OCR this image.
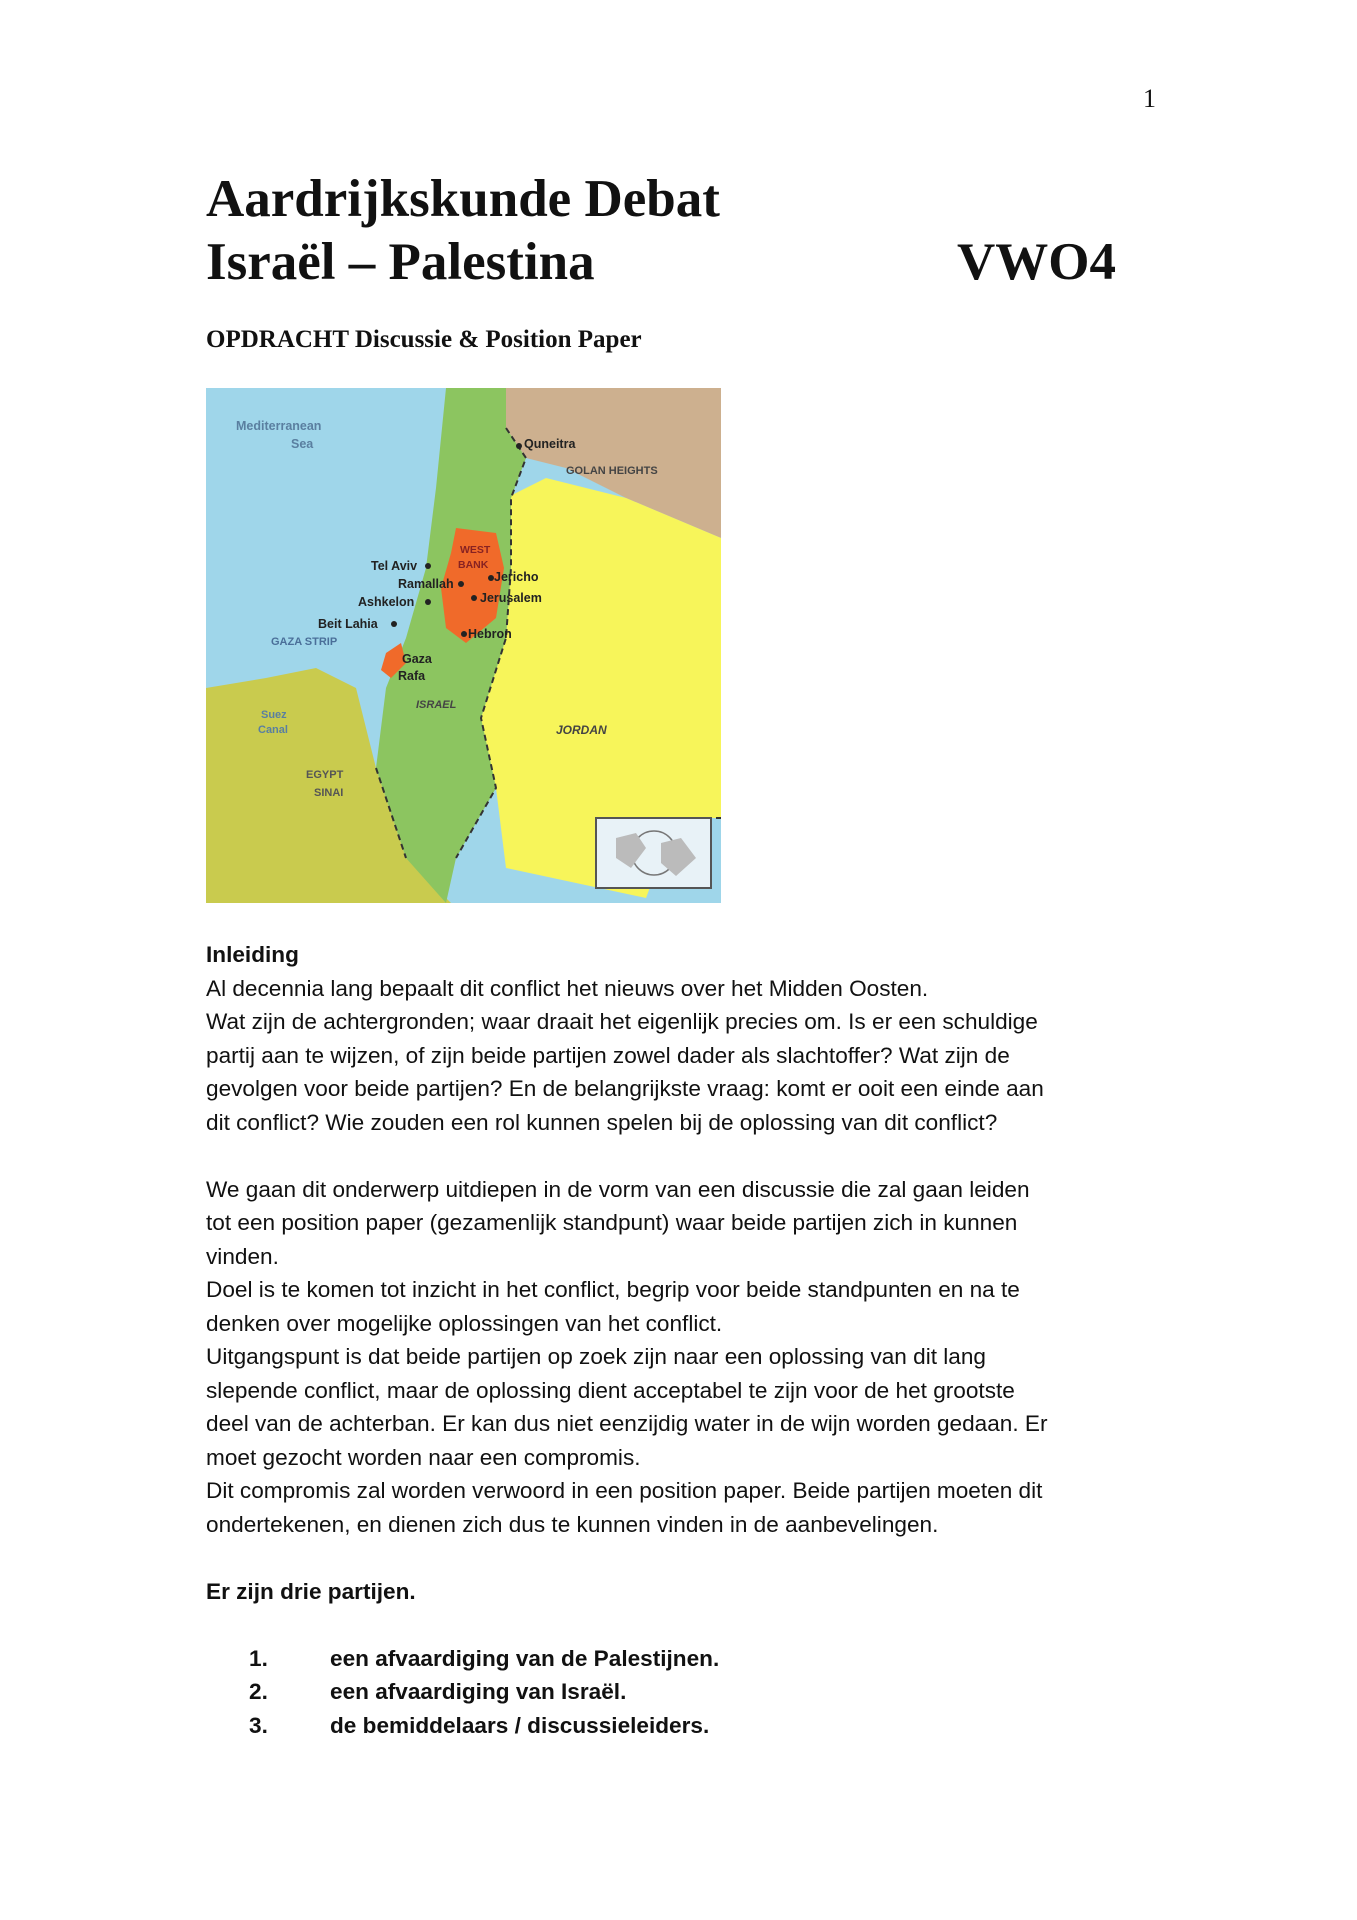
1
Aardrijkskunde Debat
Israël – Palestina	VWO4
OPDRACHT Discussie & Position Paper
Mediterranean
Sea	Quneitra
GOLAN HEIGHTS
WEST
BANK
Tel Aviv
Ramallah	Jericho
Ashkelon	Jerusalem
Beit Lahia
GAZA STRIP
Hebron
Gaza
Rafa
ISRAEL
JORDAN
Suez
Canal
EGYPT
SINAI

Inleiding

Al decennia lang bepaalt dit conflict het nieuws over het Midden Oosten.

Wat zijn de achtergronden; waar draait het eigenlijk precies om. Is er een schuldige

partij aan te wijzen, of zijn beide partijen zowel dader als slachtoffer? Wat zijn de

gevolgen voor beide partijen? En de belangrijkste vraag: komt er ooit een einde aan

dit conflict? Wie zouden een rol kunnen spelen bij de oplossing van dit conflict?

We gaan dit onderwerp uitdiepen in de vorm van een discussie die zal gaan leiden

tot een position paper (gezamenlijk standpunt) waar beide partijen zich in kunnen

vinden.

Doel is te komen tot inzicht in het conflict, begrip voor beide standpunten en na te

denken over mogelijke oplossingen van het conflict.

Uitgangspunt is dat beide partijen op zoek zijn naar een oplossing van dit lang

slepende conflict, maar de oplossing dient acceptabel te zijn voor de het grootste

deel van de achterban. Er kan dus niet eenzijdig water in de wijn worden gedaan. Er

moet gezocht worden naar een compromis.

Dit compromis zal worden verwoord in een position paper. Beide partijen moeten dit

ondertekenen, en dienen zich dus te kunnen vinden in de aanbevelingen.

Er zijn drie partijen.

1.	een afvaardiging van de Palestijnen.
2.	een afvaardiging van Israël.
3.	de bemiddelaars / discussieleiders.
